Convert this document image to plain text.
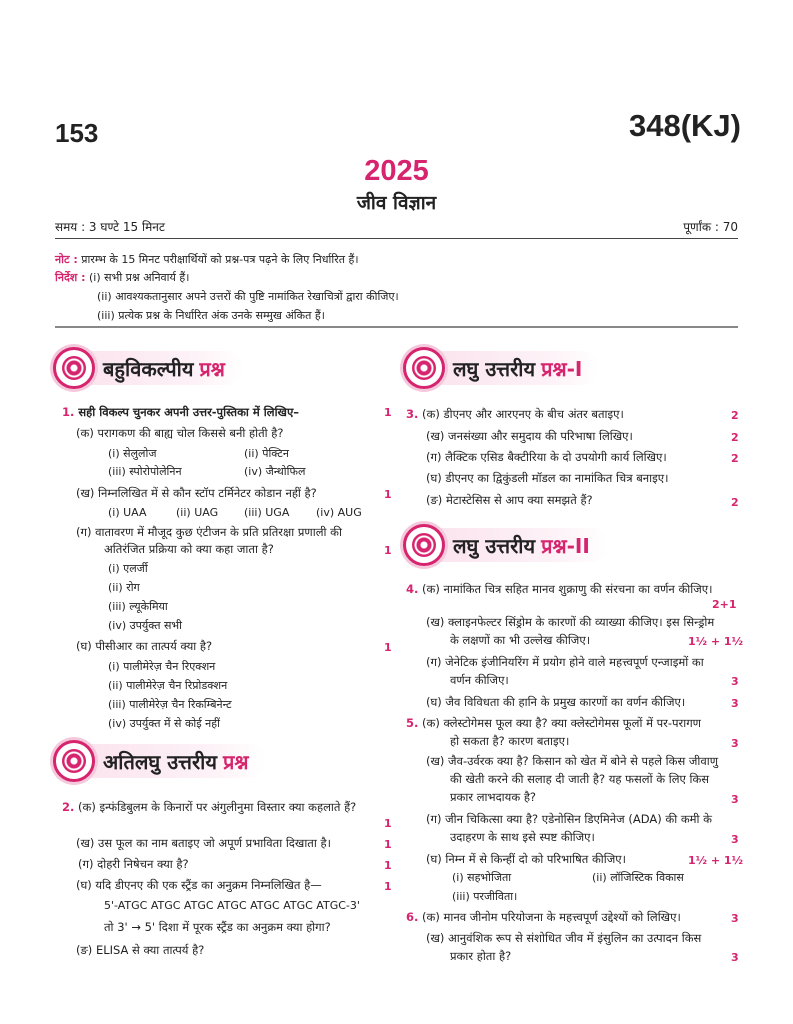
153	348(KJ)
2025
जीव विज्ञान
समय : 3 घण्टे 15 मिनट	पूर्णांक : 70
नोट : प्रारम्भ के 15 मिनट परीक्षार्थियों को प्रश्न-पत्र पढ़ने के लिए निर्धारित हैं।
निर्देश : (i) सभी प्रश्न अनिवार्य हैं।
(ii) आवश्यकतानुसार अपने उत्तरों की पुष्टि नामांकित रेखाचित्रों द्वारा कीजिए।
(iii) प्रत्येक प्रश्न के निर्धारित अंक उनके सम्मुख अंकित हैं।
बहुविकल्पीय प्रश्न	लघु उत्तरीय प्रश्न-I
लघु उत्तरीय प्रश्न-II
अतिलघु उत्तरीय प्रश्न
1. सही विकल्प चुनकर अपनी उत्तर-पुस्तिका में लिखिए–	1
(क) परागकण की बाह्य चोल किससे बनी होती है?
(i) सेलुलोज	(ii) पेक्टिन
(iii) स्पोरोपोलेनिन	(iv) जैन्थोफिल
(ख) निम्नलिखित में से कौन स्टॉप टर्मिनेटर कोडान नहीं है?	1
(i) UAA	(ii) UAG (iii) UGA (iv) AUG
(ग) वातावरण में मौजूद कुछ एंटीजन के प्रति प्रतिरक्षा प्रणाली की
अतिरंजित प्रक्रिया को क्या कहा जाता है?	1
(i) एलर्जी
(ii) रोग
(iii) ल्यूकेमिया
(iv) उपर्युक्त सभी
(घ) पीसीआर का तात्पर्य क्या है?	1
(i) पालीमेरेज़ चैन रिएक्शन
(ii) पालीमेरेज़ चैन रिप्रोडक्शन
(iii) पालीमेरेज़ चैन रिकम्बिनेन्ट
(iv) उपर्युक्त में से कोई नहीं
2. (क) इन्फंडिबुलम के किनारों पर अंगुलीनुमा विस्तार क्या कहलाते हैं?
1
(ख) उस फूल का नाम बताइए जो अपूर्ण प्रभाविता दिखाता है।	1
(ग) दोहरी निषेचन क्या है?	1
(घ) यदि डीएनए की एक स्ट्रैंड का अनुक्रम निम्नलिखित है—	1
5'-ATGC ATGC ATGC ATGC ATGC ATGC ATGC-3'
तो 3' → 5' दिशा में पूरक स्ट्रैंड का अनुक्रम क्या होगा?
(ङ) ELISA से क्या तात्पर्य है?
3. (क) डीएनए और आरएनए के बीच अंतर बताइए।	2
(ख) जनसंख्या और समुदाय की परिभाषा लिखिए।	2
(ग) लैक्टिक एसिड बैक्टीरिया के दो उपयोगी कार्य लिखिए।	2
(घ) डीएनए का द्विकुंडली मॉडल का नामांकित चित्र बनाइए।
(ङ) मेटास्टेसिस से आप क्या समझते हैं?	2
4. (क) नामांकित चित्र सहित मानव शुक्राणु की संरचना का वर्णन कीजिए।
2+1
(ख) क्लाइनफेल्टर सिंड्रोम के कारणों की व्याख्या कीजिए। इस सिन्ड्रोम
के लक्षणों का भी उल्लेख कीजिए।	1½ + 1½
(ग) जेनेटिक इंजीनियरिंग में प्रयोग होने वाले महत्त्वपूर्ण एन्जाइमों का
वर्णन कीजिए।	3
(घ) जैव विविधता की हानि के प्रमुख कारणों का वर्णन कीजिए।	3
5. (क) क्लेस्टोगेमस फूल क्या है? क्या क्लेस्टोगेमस फूलों में पर-परागण
हो सकता है? कारण बताइए।	3
(ख) जैव-उर्वरक क्या है? किसान को खेत में बोने से पहले किस जीवाणु
की खेती करने की सलाह दी जाती है? यह फसलों के लिए किस
प्रकार लाभदायक है?	3
(ग) जीन चिकित्सा क्या है? एडेनोसिन डिएमिनेज (ADA) की कमी के
उदाहरण के साथ इसे स्पष्ट कीजिए।	3
(घ) निम्न में से किन्हीं दो को परिभाषित कीजिए।	1½ + 1½
(i) सहभोजिता	(ii) लॉजिस्टिक विकास
(iii) परजीविता।
6. (क) मानव जीनोम परियोजना के महत्त्वपूर्ण उद्देश्यों को लिखिए।	3
(ख) आनुवंशिक रूप से संशोधित जीव में इंसुलिन का उत्पादन किस
प्रकार होता है?	3
